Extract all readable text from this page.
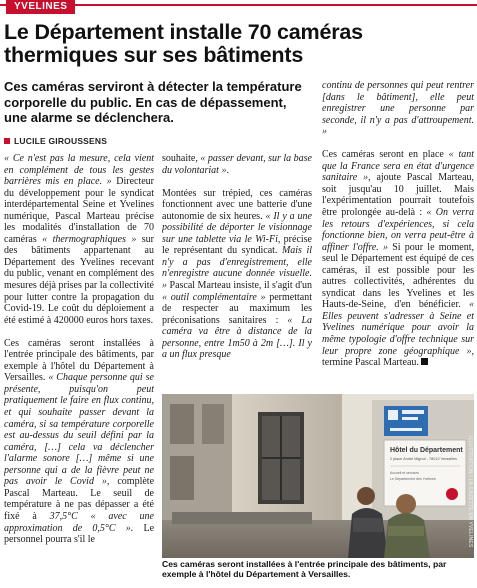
YVELINES
Le Département installe 70 caméras thermiques sur ses bâtiments

Ces caméras serviront à détecter la température corporelle du public. En cas de dépassement, une alarme se déclenchera.

LUCILE GIROUSSENS

« Ce n'est pas la mesure, cela vient en complément de tous les gestes barrières mis en place. » Directeur du développement pour le syndicat interdépartemental Seine et Yvelines numérique, Pascal Marteau précise les modalités d'installation de 70 caméras « thermographiques » sur des bâtiments appartenant au Département des Yvelines recevant du public, venant en complément des mesures déjà prises par la collectivité pour lutter contre la propagation du Covid-19. Le coût du déploiement a été estimé à 420000 euros hors taxes.

Ces caméras seront installées à l'entrée principale des bâtiments, par exemple à l'hôtel du Département à Versailles. « Chaque personne qui se présente, puisqu'on peut pratiquement le faire en flux continu, et qui souhaite passer devant la caméra, si sa température corporelle est au-dessus du seuil défini par la caméra, […] cela va déclencher l'alarme sonore […] même si une personne qui a de la fièvre peut ne pas avoir le Covid », complète Pascal Marteau. Le seuil de température à ne pas dépasser a été fixé à 37,5°C « avec une approximation de 0,5°C ». Le personnel pourra s'il le

souhaite, « passer devant, sur la base du volontariat ».

Montées sur trépied, ces caméras fonctionnent avec une batterie d'une autonomie de six heures. « Il y a une possibilité de déporter le visionnage sur une tablette via le Wi-Fi, précise le représentant du syndicat. Mais il n'y a pas d'enregistrement, elle n'enregistre aucune donnée visuelle. » Pascal Marteau insiste, il s'agit d'un « outil complémentaire » permettant de respecter au maximum les préconisations sanitaires : « La caméra va être à distance de la personne, entre 1m50 à 2m […]. Il y a un flux presque

continu de personnes qui peut rentrer [dans le bâtiment], elle peut enregistrer une personne par seconde, il n'y a pas d'attroupement. »

Ces caméras seront en place « tant que la France sera en état d'urgence sanitaire », ajoute Pascal Marteau, soit jusqu'au 10 juillet. Mais l'expérimentation pourrait toutefois être prolongée au-delà : « On verra les retours d'expériences, si cela fonctionne bien, on verra peut-être à affiner l'offre. » Si pour le moment, seul le Département est équipé de ces caméras, il est possible pour les autres collectivités, adhérentes du syndicat dans les Yvelines et les Hauts-de-Seine, d'en bénéficier. « Elles peuvent s'adresser à Seine et Yvelines numérique pour avoir la même typologie d'offre technique sur leur propre zone géographique », termine Pascal Marteau.

Hôtel du Département
2 place André Mignot - 78012 Versailles
Accueil et services
Le Département des Yvelines	ILLUSTRATION / LA GAZETTE EN YVELINES

Ces caméras seront installées à l'entrée principale des bâtiments, par exemple à l'hôtel du Département à Versailles.
